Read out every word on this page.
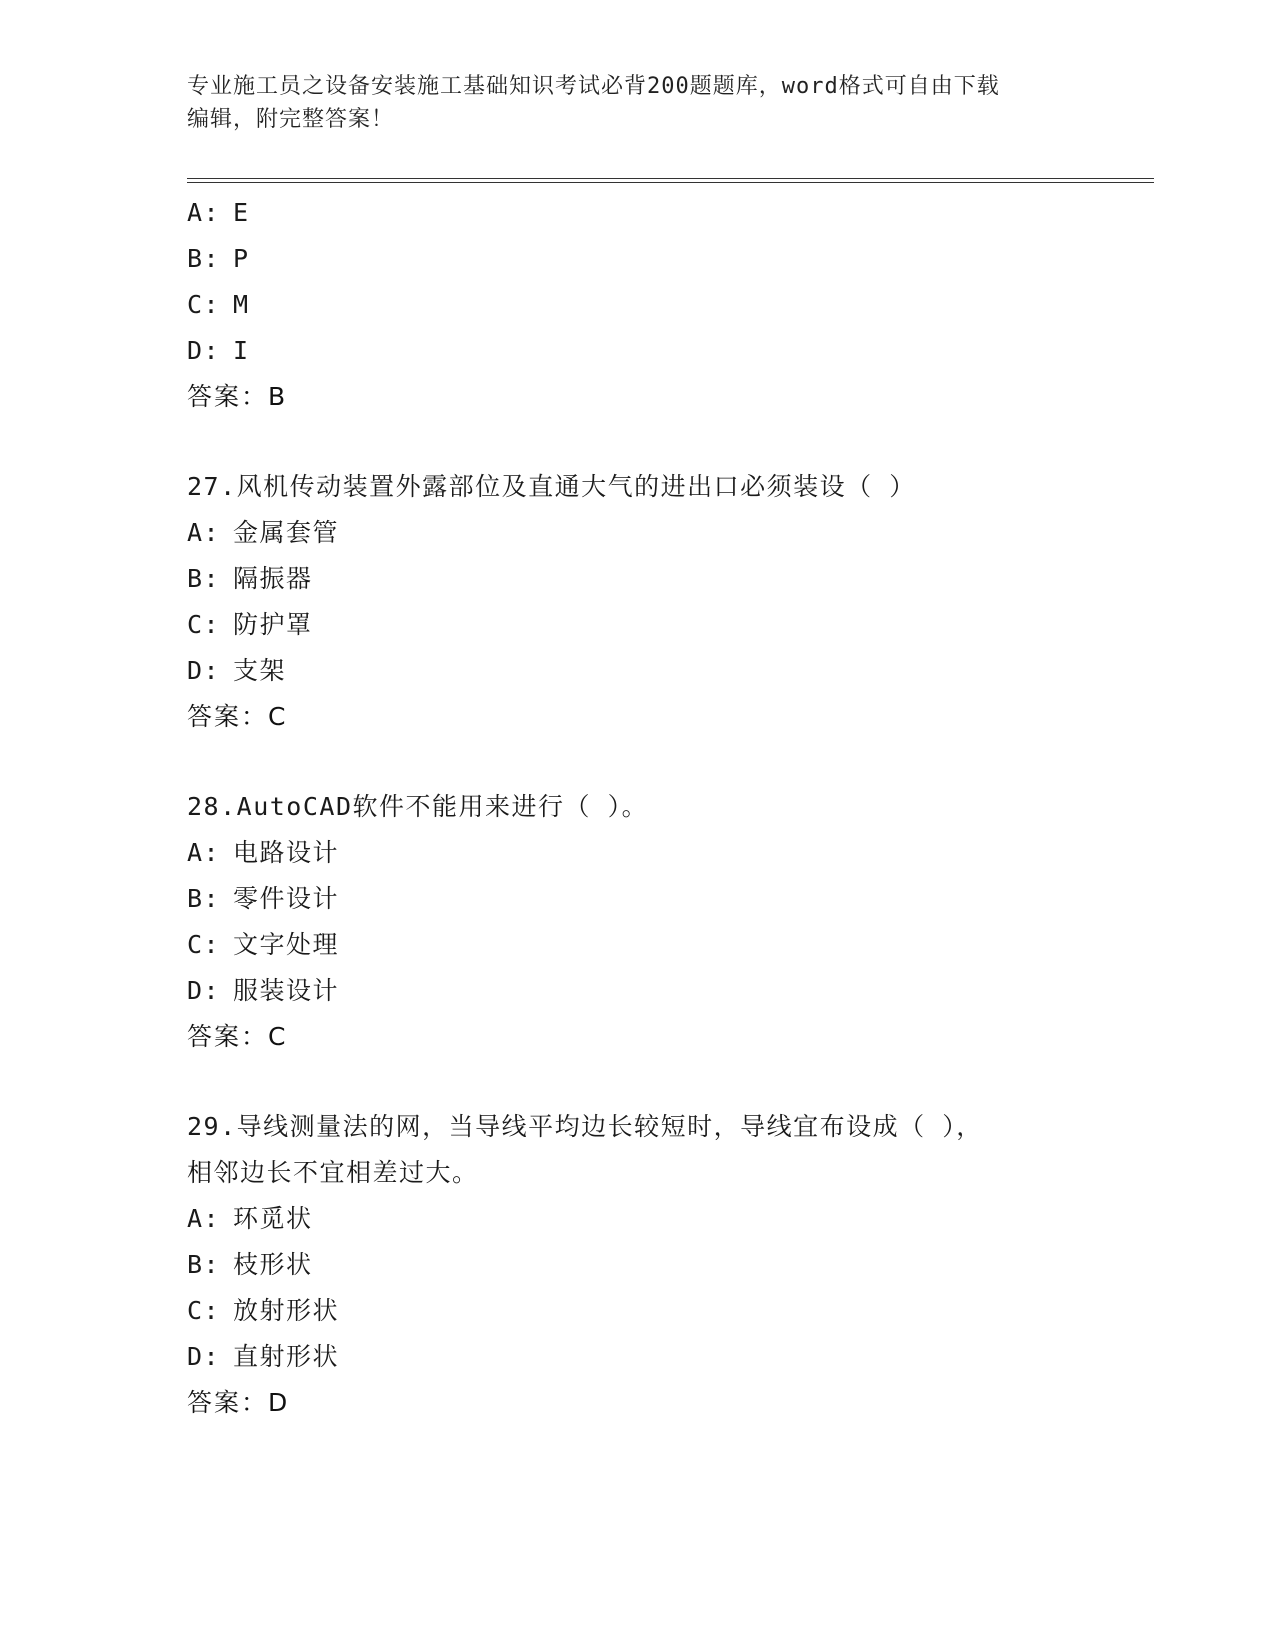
专业施工员之设备安装施工基础知识考试必背200题题库，word格式可自由下载
编辑，附完整答案！
A: E
B: P
C: M
D: I
答案：B
27.风机传动装置外露部位及直通大气的进出口必须装设（ ）
A: 金属套管
B: 隔振器
C: 防护罩
D: 支架
答案：C
28.AutoCAD软件不能用来进行（ ）。
A: 电路设计
B: 零件设计
C: 文字处理
D: 服装设计
答案：C
29.导线测量法的网，当导线平均边长较短时，导线宜布设成（ ），
相邻边长不宜相差过大。
A: 环觅状
B: 枝形状
C: 放射形状
D: 直射形状
答案：D
